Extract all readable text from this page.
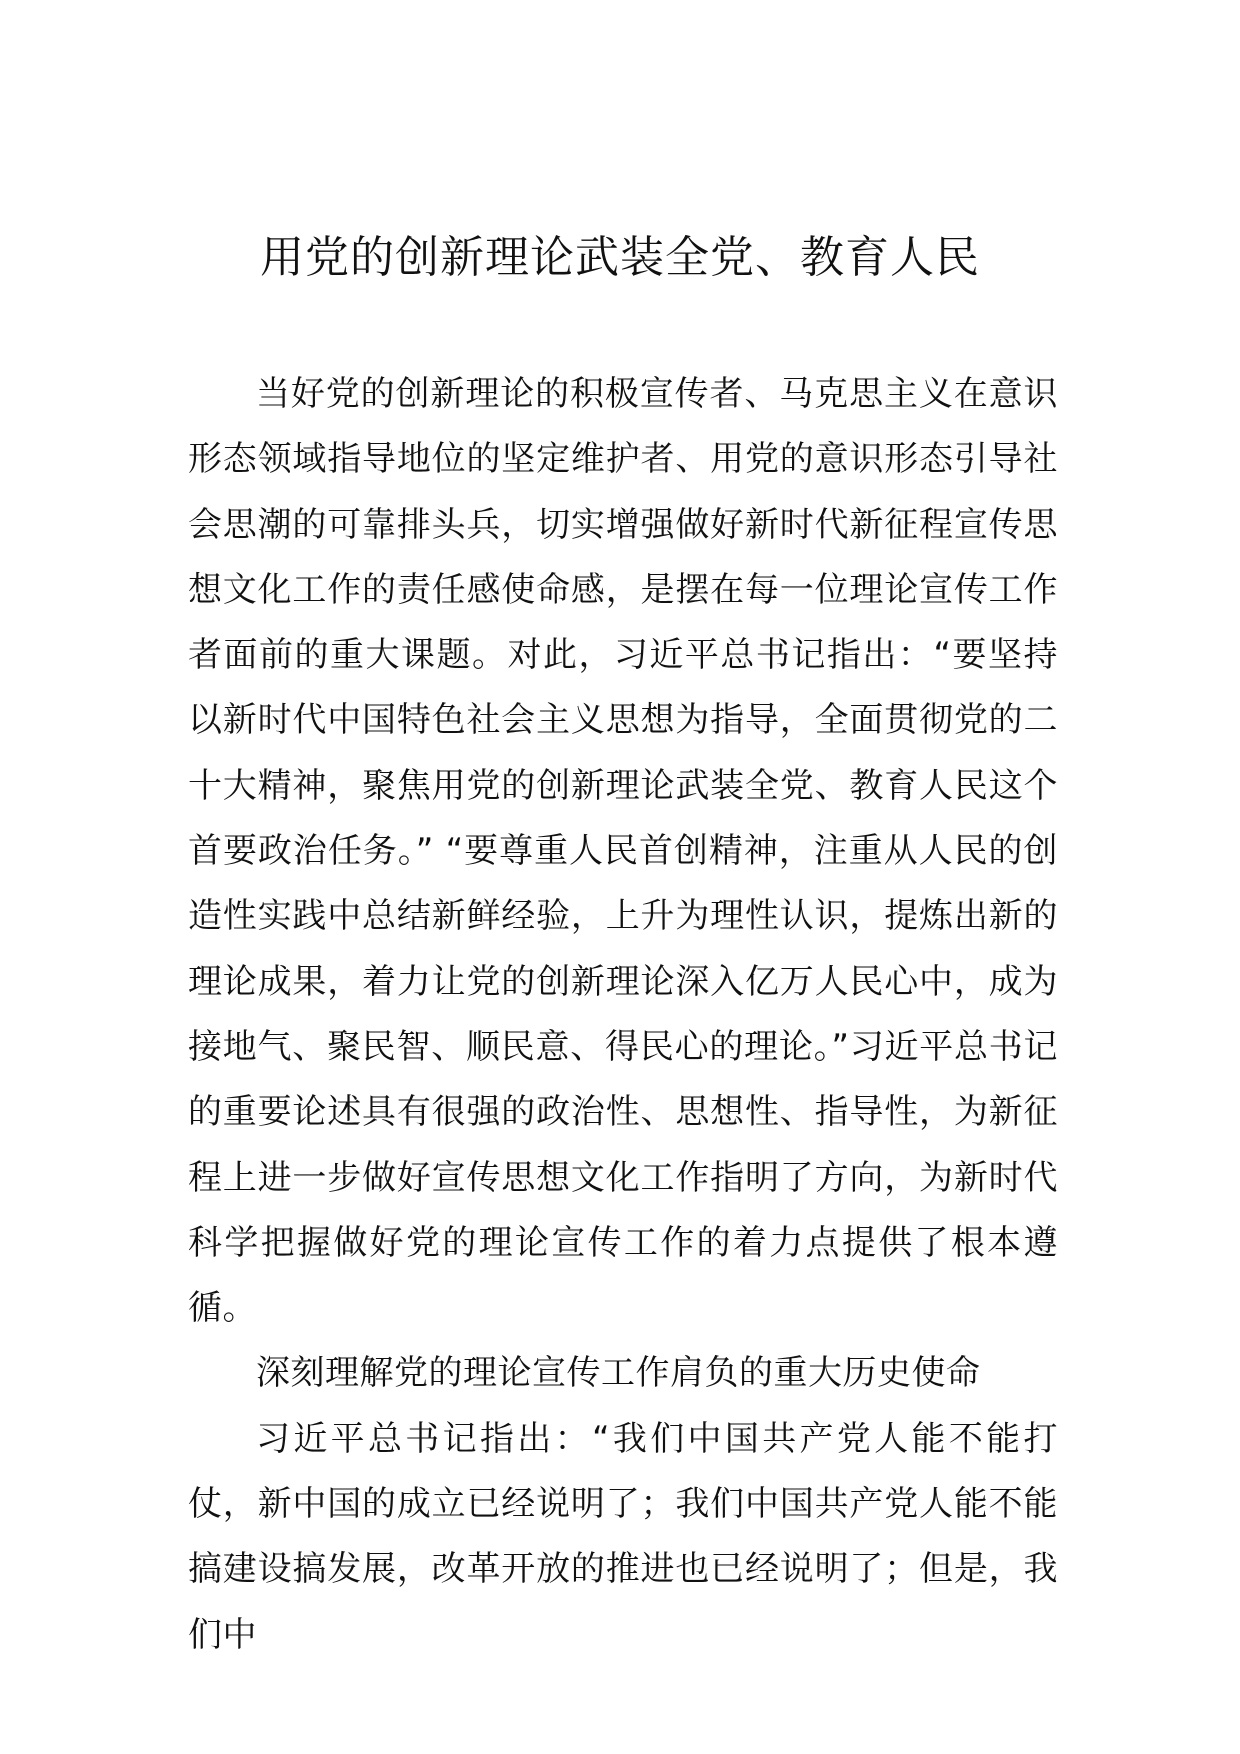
用党的创新理论武装全党、教育人民

当好党的创新理论的积极宣传者、马克思主义在意识形态领域指导地位的坚定维护者、用党的意识形态引导社会思潮的可靠排头兵，切实增强做好新时代新征程宣传思想文化工作的责任感使命感，是摆在每一位理论宣传工作者面前的重大课题。对此，习近平总书记指出：“要坚持以新时代中国特色社会主义思想为指导，全面贯彻党的二十大精神，聚焦用党的创新理论武装全党、教育人民这个首要政治任务。” “要尊重人民首创精神，注重从人民的创造性实践中总结新鲜经验，上升为理性认识，提炼出新的理论成果，着力让党的创新理论深入亿万人民心中，成为接地气、聚民智、顺民意、得民心的理论。”习近平总书记的重要论述具有很强的政治性、思想性、指导性，为新征程上进一步做好宣传思想文化工作指明了方向，为新时代科学把握做好党的理论宣传工作的着力点提供了根本遵循。

深刻理解党的理论宣传工作肩负的重大历史使命

习近平总书记指出：“我们中国共产党人能不能打仗，新中国的成立已经说明了；我们中国共产党人能不能搞建设搞发展，改革开放的推进也已经说明了；但是，我们中
